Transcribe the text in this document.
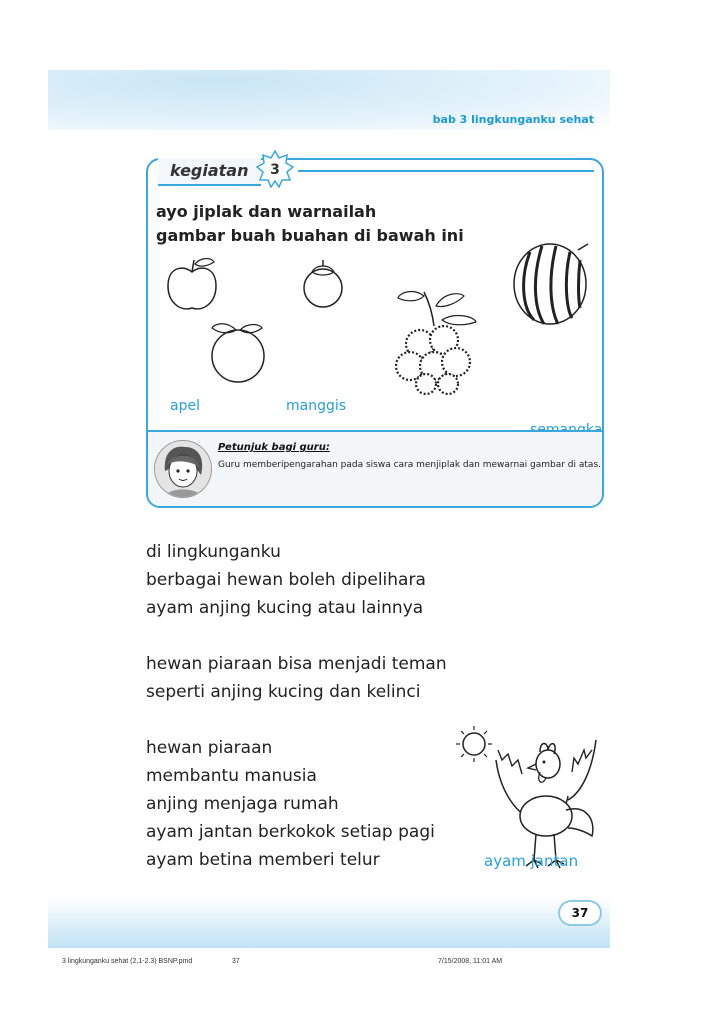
bab 3 lingkunganku sehat
kegiatan	3
ayo jiplak dan warnailah
gambar buah buahan di bawah ini
apel	manggis
Petunjuk bagi guru:
Guru memberipengarahan pada siswa cara menjiplak dan mewarnai gambar di atas.
di lingkunganku
berbagai hewan boleh dipelihara
ayam anjing kucing atau lainnya
hewan piaraan bisa menjadi teman
seperti anjing kucing dan kelinci
hewan piaraan
membantu manusia
anjing menjaga rumah
ayam jantan berkokok setiap pagi
ayam betina memberi telur	ayam jantan
37
3 lingkunganku sehat (2,1-2.3) BSNP.pmd	37	7/15/2008, 11:01 AM
